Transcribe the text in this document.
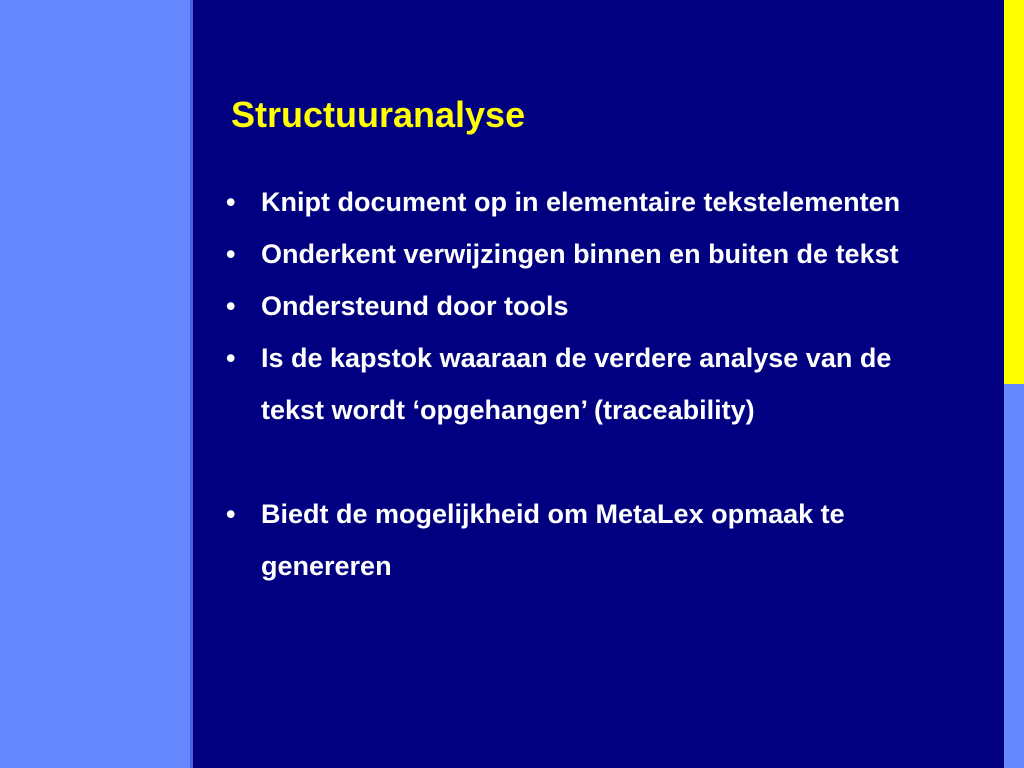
Structuuranalyse
• Knipt document op in elementaire tekstelementen
• Onderkent verwijzingen binnen en buiten de tekst
• Ondersteund door tools
• Is de kapstok waaraan de verdere analyse van de tekst wordt ‘opgehangen’ (traceability)
• Biedt de mogelijkheid om MetaLex opmaak te genereren
